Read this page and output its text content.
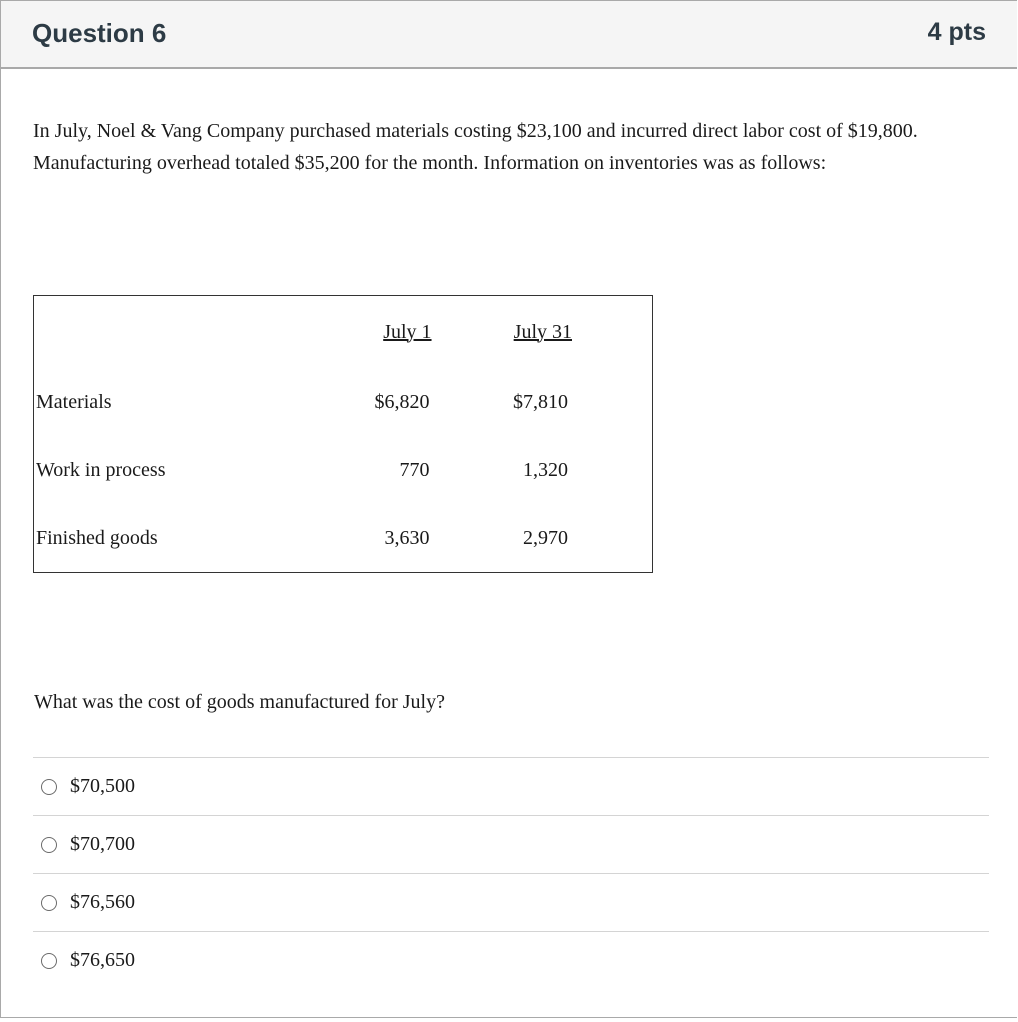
Question 6	4 pts

In July, Noel & Vang Company purchased materials costing $23,100 and incurred direct labor cost of $19,800. Manufacturing overhead totaled $35,200 for the month. Information on inventories was as follows:

	July 1	July 31
Materials	$6,820	$7,810
Work in process	770	1,320
Finished goods	3,630	2,970

What was the cost of goods manufactured for July?

$70,500
$70,700
$76,560
$76,650
